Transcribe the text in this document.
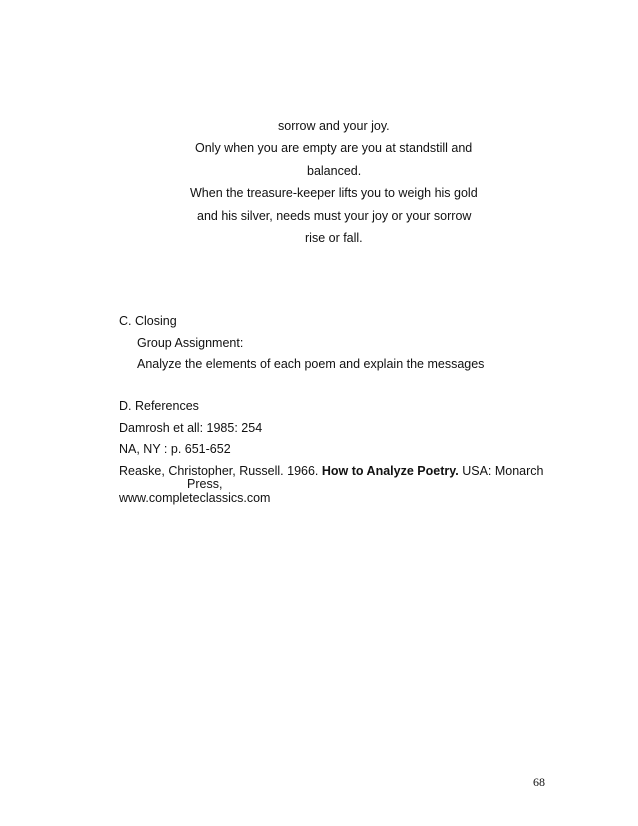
sorrow and your joy.
Only when you are empty are you at standstill and
balanced.
When the treasure-keeper lifts you to weigh his gold
and his silver, needs must your joy or your sorrow
rise or fall.
C. Closing
Group Assignment:
Analyze the elements of each poem and explain the messages
D. References
Damrosh et all: 1985: 254
NA, NY : p. 651-652
Reaske, Christopher, Russell. 1966. How to Analyze Poetry. USA: Monarch
Press,
www.completeclassics.com
68
